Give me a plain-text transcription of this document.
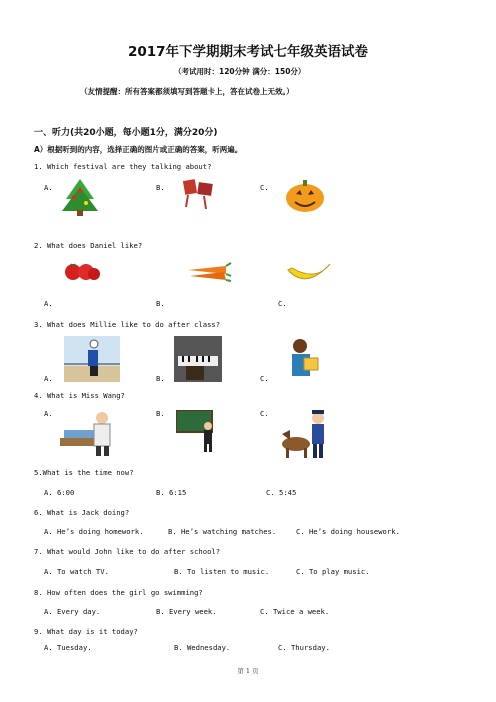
2017年下学期期末考试七年级英语试卷
（考试用时：120分钟 满分：150分）
（友情提醒：所有答案都须填写到答题卡上，答在试卷上无效。）
一、听力(共20小题，每小题1分，满分20分)
A）根据听到的内容，选择正确的图片或正确的答案，听两遍。
1. Which festival are they talking about?
A.	B.	C.
2. What does Daniel like?
A.	B.	C.
3. What does Millie like to do after class?
A.	B.	C.
4. What is Miss Wang?
A.	B.	C.
5.What is the time now?
A. 6:00	B. 6:15	C. 5:45
6. What is Jack doing?
A. He’s doing homework.	B. He’s watching matches.	C. He’s doing housework.
7. What would John like to do after school?
A. To watch TV.	B. To listen to music.	C. To play music.
8. How often does the girl go swimming?
A. Every day.	B. Every week.	C. Twice a week.
9. What day is it today?
A. Tuesday.	B. Wednesday.	C. Thursday.
第 1 页
